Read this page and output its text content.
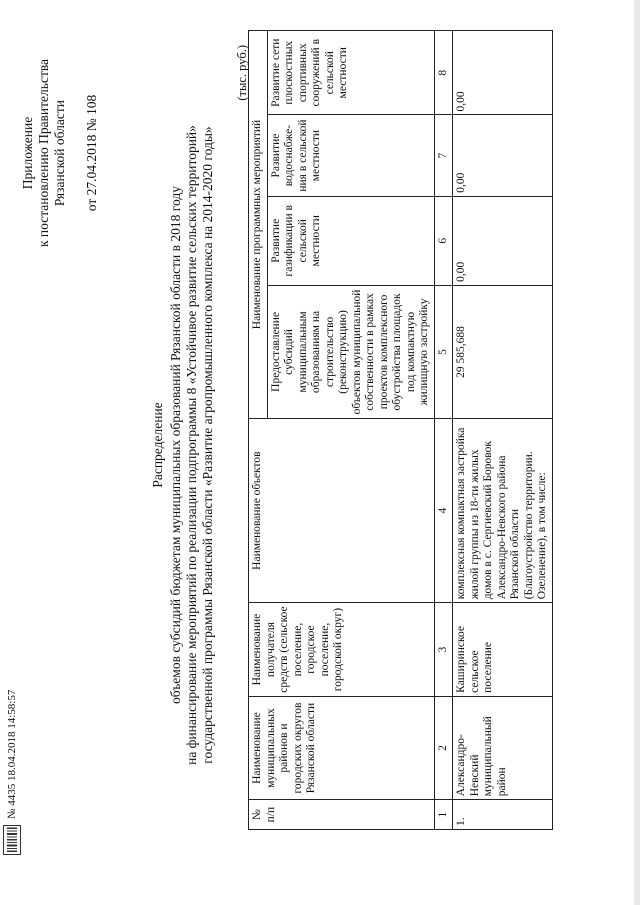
Приложение к постановлению Правительства Рязанской области от 27.04.2018 № 108
Распределение объемов субсидий бюджетам муниципальных образований Рязанской области в 2018 году на финансирование мероприятий по реализации подпрограммы 8 «Устойчивое развитие сельских территорий» государственной программы Рязанской области «Развитие агропромышленного комплекса на 2014-2020 годы»
(тыс. руб.)
№ п/п	Наименование муниципальных районов и городских округов Рязанской области	Наименование получателя средств (сельское поселение, городское поселение, городской округ)	Наименование объектов	Наименование программных мероприятий			
				Предоставление субсидий муниципальным образованиям на строительство (реконструкцию) объектов муниципальной собственности в рамках проектов комплексного обустройства площадок под компактную жилищную застройку	Развитие газификации в сельской местности	Развитие водоснабже-ния в сельской местности	Развитие сети плоскостных спортивных сооружений в сельской местности
1	2	3	4	5	6	7	8
1.	Александро-Невский муниципальный район	Каширинское сельское поселение	комплексная компактная застройка жилой группы из 18-ти жилых домов в с. Сергиевский Боровок Александро-Невского района Рязанской области (Благоустройство территории. Озеленение), в том числе:	29 585,688	0,00	0,00	0,00
№ 4435 18.04.2018 14:58:57
